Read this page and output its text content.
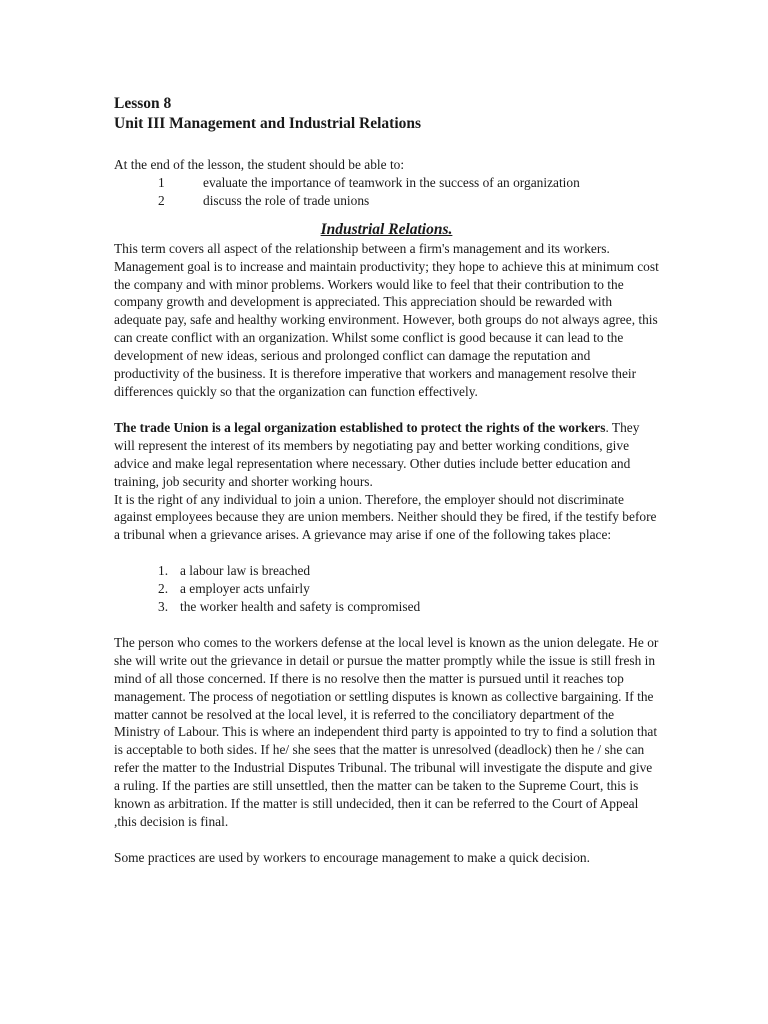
Lesson 8
Unit III Management and Industrial Relations

At the end of the lesson, the student should be able to:

1	evaluate the importance of teamwork in the success of an organization
2	discuss the role of trade unions
Industrial Relations.

This term covers all aspect of the relationship between a firm's management and its workers. Management goal is to increase and maintain productivity; they hope to achieve this at minimum cost the company and with minor problems. Workers would like to feel that their contribution to the company growth and development is appreciated. This appreciation should be rewarded with adequate pay, safe and healthy working environment. However, both groups do not always agree, this can create conflict with an organization. Whilst some conflict is good because it can lead to the development of new ideas, serious and prolonged conflict can damage the reputation and productivity of the business. It is therefore imperative that workers and management resolve their differences quickly so that the organization can function effectively.

The trade Union is a legal organization established to protect the rights of the workers. They will represent the interest of its members by negotiating pay and better working conditions, give advice and make legal representation where necessary. Other duties include better education and training, job security and shorter working hours.

It is the right of any individual to join a union. Therefore, the employer should not discriminate against employees because they are union members. Neither should they be fired, if the testify before a tribunal when a grievance arises. A grievance may arise if one of the following takes place:

1. a labour law is breached
2. a employer acts unfairly
3. the worker health and safety is compromised

The person who comes to the workers defense at the local level is known as the union delegate. He or she will write out the grievance in detail or pursue the matter promptly while the issue is still fresh in mind of all those concerned. If there is no resolve then the matter is pursued until it reaches top management. The process of negotiation or settling disputes is known as collective bargaining. If the matter cannot be resolved at the local level, it is referred to the conciliatory department of the Ministry of Labour. This is where an independent third party is appointed to try to find a solution that is acceptable to both sides. If he/ she sees that the matter is unresolved (deadlock) then he / she can refer the matter to the Industrial Disputes Tribunal. The tribunal will investigate the dispute and give a ruling. If the parties are still unsettled, then the matter can be taken to the Supreme Court, this is known as arbitration. If the matter is still undecided, then it can be referred to the Court of Appeal ,this decision is final.

Some practices are used by workers to encourage management to make a quick decision.
